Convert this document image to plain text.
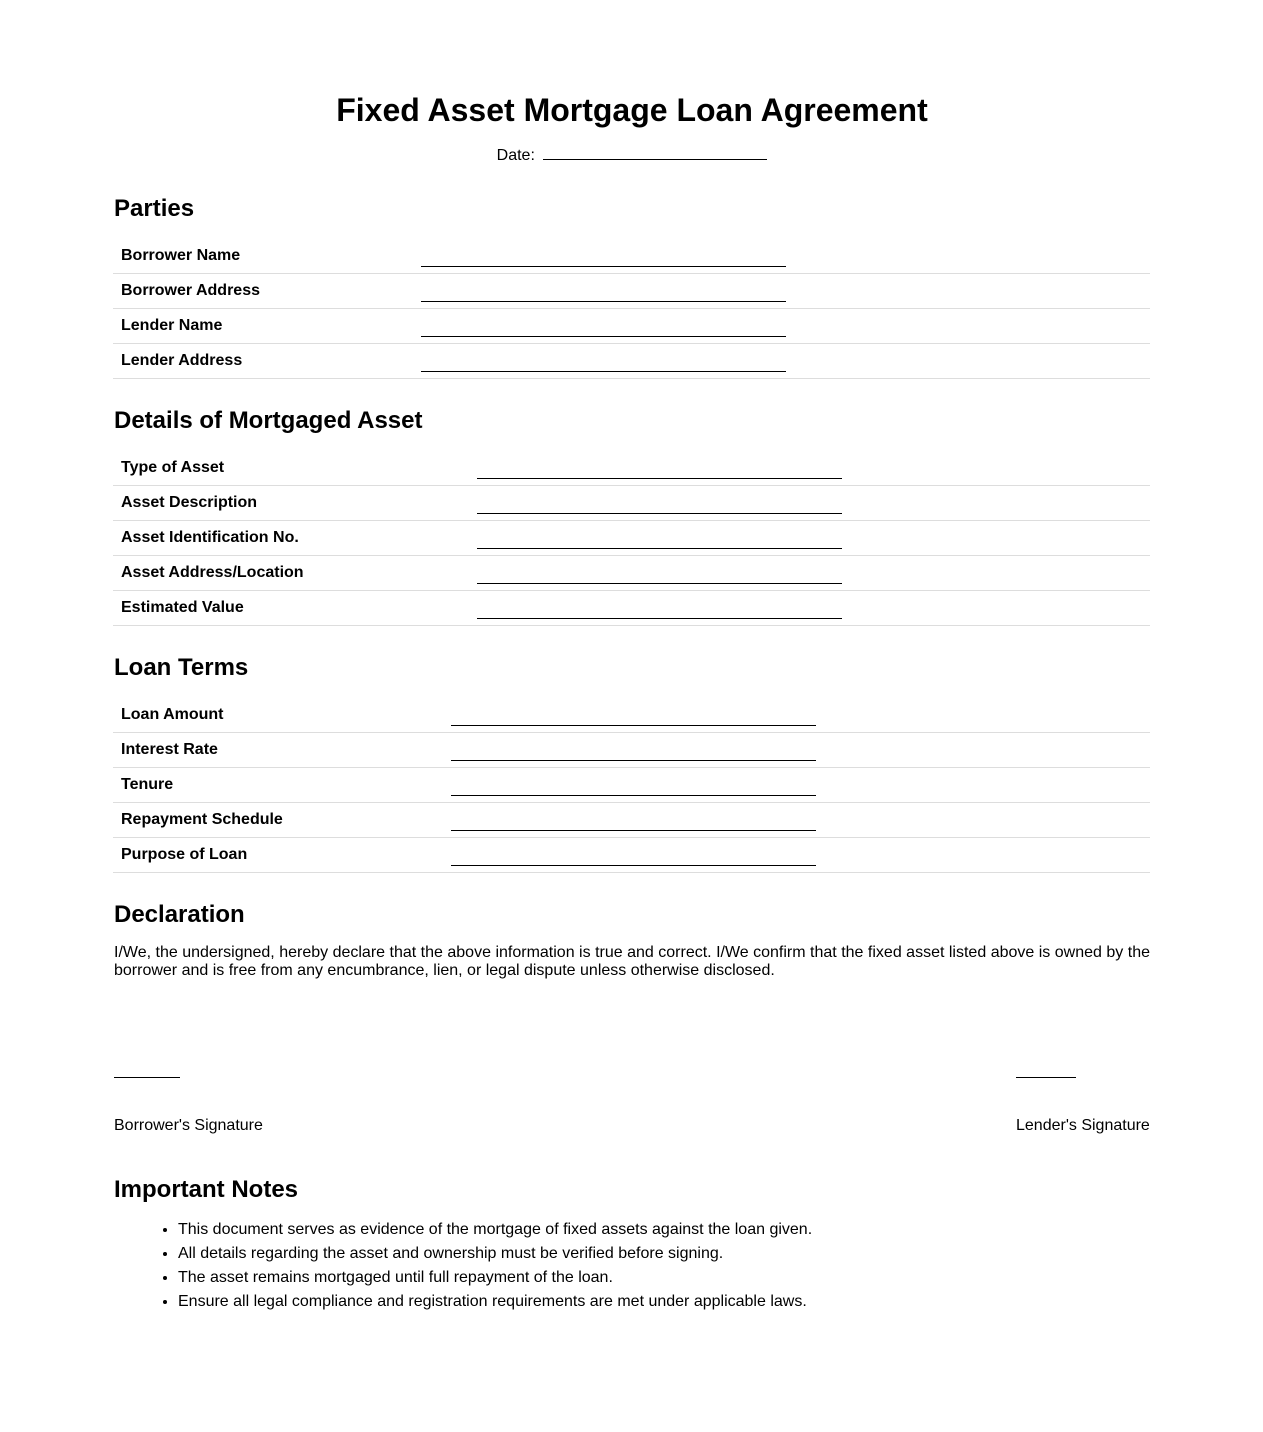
Fixed Asset Mortgage Loan Agreement
Date:
Parties
Borrower Name	

Borrower Address	

Lender Name	

Lender Address	
Details of Mortgaged Asset
Type of Asset	

Asset Description	

Asset Identification No.	

Asset Address/Location	

Estimated Value	
Loan Terms
Loan Amount	

Interest Rate	

Tenure	

Repayment Schedule	

Purpose of Loan	
Declaration

I/We, the undersigned, hereby declare that the above information is true and correct. I/We confirm that the fixed asset listed above is owned by the borrower and is free from any encumbrance, lien, or legal dispute unless otherwise disclosed.

Borrower's Signature	Lender's Signature
Important Notes
• This document serves as evidence of the mortgage of fixed assets against the loan given.
• All details regarding the asset and ownership must be verified before signing.
• The asset remains mortgaged until full repayment of the loan.
• Ensure all legal compliance and registration requirements are met under applicable laws.
